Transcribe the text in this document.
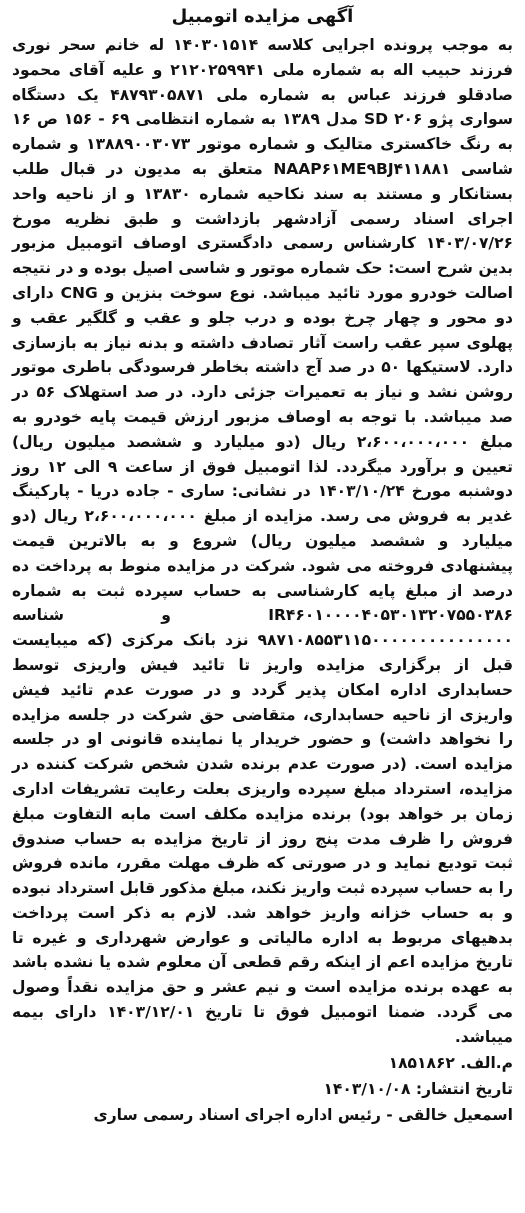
آگهی مزایده اتومبیل

به موجب پرونده اجرایی کلاسه ۱۴۰۳۰۱۵۱۴ له خانم سحر نوری فرزند حبیب اله به شماره ملی ۲۱۲۰۲۵۹۹۴۱ و علیه آقای محمود صادقلو فرزند عباس به شماره ملی ۴۸۷۹۳۰۵۸۷۱ یک دستگاه سواری پژو SD ۲۰۶ مدل ۱۳۸۹ به شماره انتظامی ۶۹ - ۱۵۶ ص ۱۶ به رنگ خاکستری متالیک و شماره موتور ۱۳۸۸۹۰۰۳۰۷۳ و شماره شاسی NAAP۶۱ME۹BJ۴۱۱۸۸۱ متعلق به مدیون در قبال طلب بستانکار و مستند به سند نکاحیه شماره ۱۳۸۳۰ و از ناحیه واحد اجرای اسناد رسمی آزادشهر بازداشت و طبق نظریه مورخ ۱۴۰۳/۰۷/۲۶ کارشناس رسمی دادگستری اوصاف اتومبیل مزبور بدین شرح است: حک شماره موتور و شاسی اصیل بوده و در نتیجه اصالت خودرو مورد تائید میباشد. نوع سوخت بنزین و CNG دارای دو محور و چهار چرخ بوده و درب جلو و عقب و گلگیر عقب و پهلوی سپر عقب راست آثار تصادف داشته و بدنه نیاز به بازسازی دارد. لاستیکها ۵۰ در صد آج داشته بخاطر فرسودگی باطری موتور روشن نشد و نیاز به تعمیرات جزئی دارد. در صد استهلاک ۵۶ در صد میباشد. با توجه به اوصاف مزبور ارزش قیمت پایه خودرو به مبلغ ۲،۶۰۰،۰۰۰،۰۰۰ ریال (دو میلیارد و ششصد میلیون ریال) تعیین و برآورد میگردد. لذا اتومبیل فوق از ساعت ۹ الی ۱۲ روز دوشنبه مورخ ۱۴۰۳/۱۰/۲۴ در نشانی: ساری - جاده دریا - پارکینگ غدیر به فروش می رسد. مزایده از مبلغ ۲،۶۰۰،۰۰۰،۰۰۰ ریال (دو میلیارد و ششصد میلیون ریال) شروع و به بالاترین قیمت پیشنهادی فروخته می شود. شرکت در مزایده منوط به پرداخت ده درصد از مبلغ پایه کارشناسی به حساب سپرده ثبت به شماره IR۴۶۰۱۰۰۰۰۴۰۵۳۰۱۳۲۰۷۵۵۰۳۸۶ و شناسه ۹۸۷۱۰۸۵۵۳۱۱۵۰۰۰۰۰۰۰۰۰۰۰۰۰۰۰ نزد بانک مرکزی (که میبایست قبل از برگزاری مزایده واریز تا تائید فیش واریزی توسط حسابداری اداره امکان پذیر گردد و در صورت عدم تائید فیش واریزی از ناحیه حسابداری، متقاضی حق شرکت در جلسه مزایده را نخواهد داشت) و حضور خریدار یا نماینده قانونی او در جلسه مزایده است. (در صورت عدم برنده شدن شخص شرکت کننده در مزایده، استرداد مبلغ سپرده واریزی بعلت رعایت تشریفات اداری زمان بر خواهد بود) برنده مزایده مکلف است مابه التفاوت مبلغ فروش را ظرف مدت پنج روز از تاریخ مزایده به حساب صندوق ثبت تودیع نماید و در صورتی که ظرف مهلت مقرر، مانده فروش را به حساب سپرده ثبت واریز نکند، مبلغ مذکور قابل استرداد نبوده و به حساب خزانه واریز خواهد شد. لازم به ذکر است پرداخت بدهیهای مربوط به اداره مالیاتی و عوارض شهرداری و غیره تا تاریخ مزایده اعم از اینکه رقم قطعی آن معلوم شده یا نشده باشد به عهده برنده مزایده است و نیم عشر و حق مزایده نقداً وصول می گردد. ضمنا اتومبیل فوق تا تاریخ ۱۴۰۳/۱۲/۰۱ دارای بیمه میباشد.

م.الف. ۱۸۵۱۸۶۲

تاریخ انتشار: ۱۴۰۳/۱۰/۰۸

اسمعیل خالقی - رئیس اداره اجرای اسناد رسمی ساری
